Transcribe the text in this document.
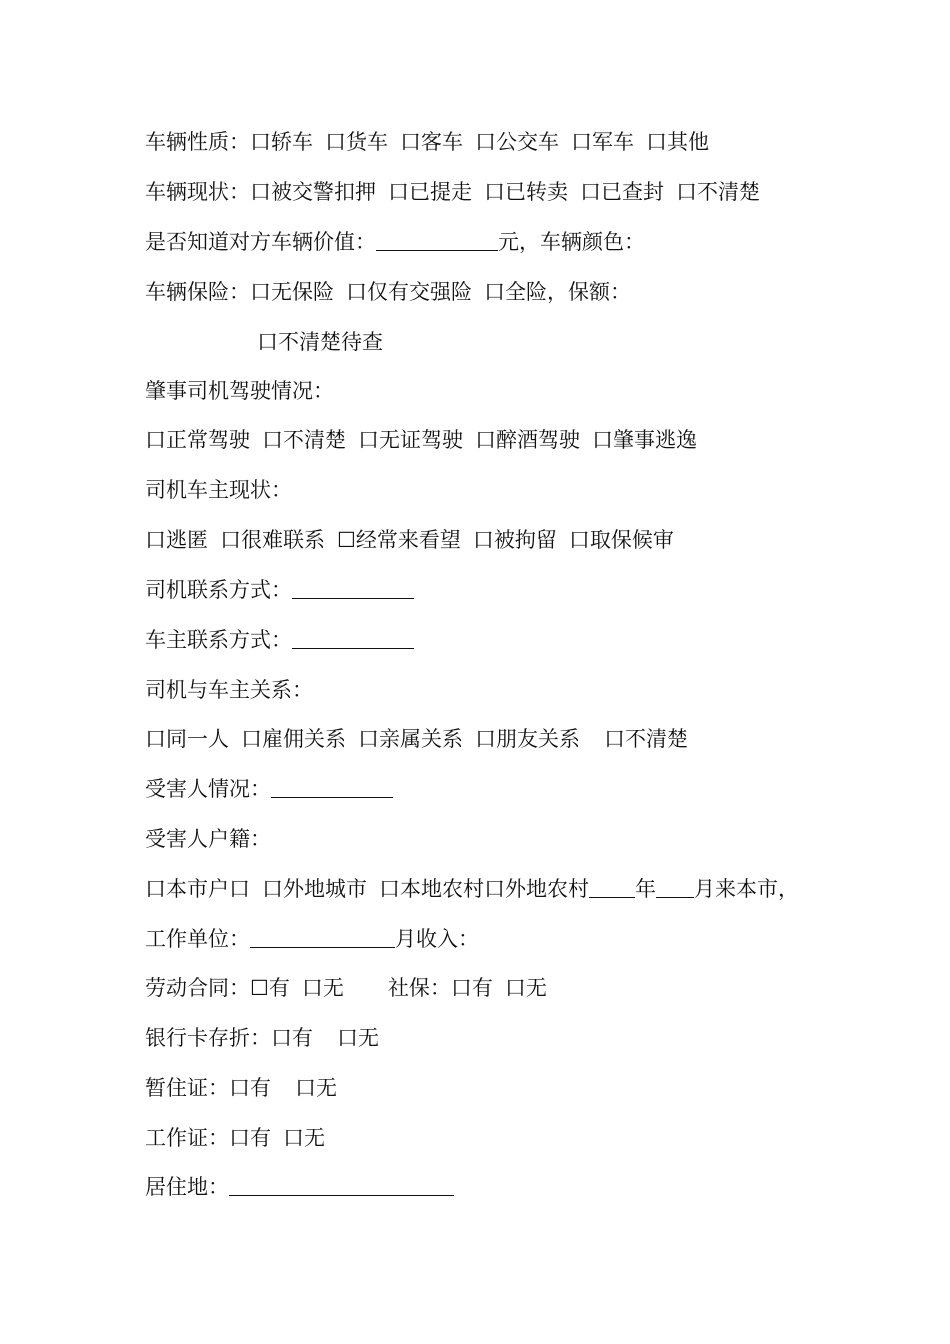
车辆性质：口轿车 口货车 口客车 口公交车 口军车 口其他
车辆现状：口被交警扣押 口已提走 口已转卖 口已查封 口不清楚
是否知道对方车辆价值：	元，车辆颜色：
车辆保险：口无保险 口仅有交强险 口全险，保额：
口不清楚待查
肇事司机驾驶情况：
口正常驾驶 口不清楚 口无证驾驶 口醉酒驾驶 口肇事逃逸
司机车主现状：
口逃匿 口很难联系 ☐经常来看望 口被拘留 口取保候审
司机联系方式：
车主联系方式：
司机与车主关系：
口同一人 口雇佣关系 口亲属关系 口朋友关系 口不清楚
受害人情况：
受害人户籍：
口本市户口 口外地城市 口本地农村口外地农村 年 月来本市，
工作单位：	月收入：
劳动合同：☐有 口无 社保：口有 口无
银行卡存折：口有 口无
暂住证：口有 口无
工作证：口有 口无
居住地：
